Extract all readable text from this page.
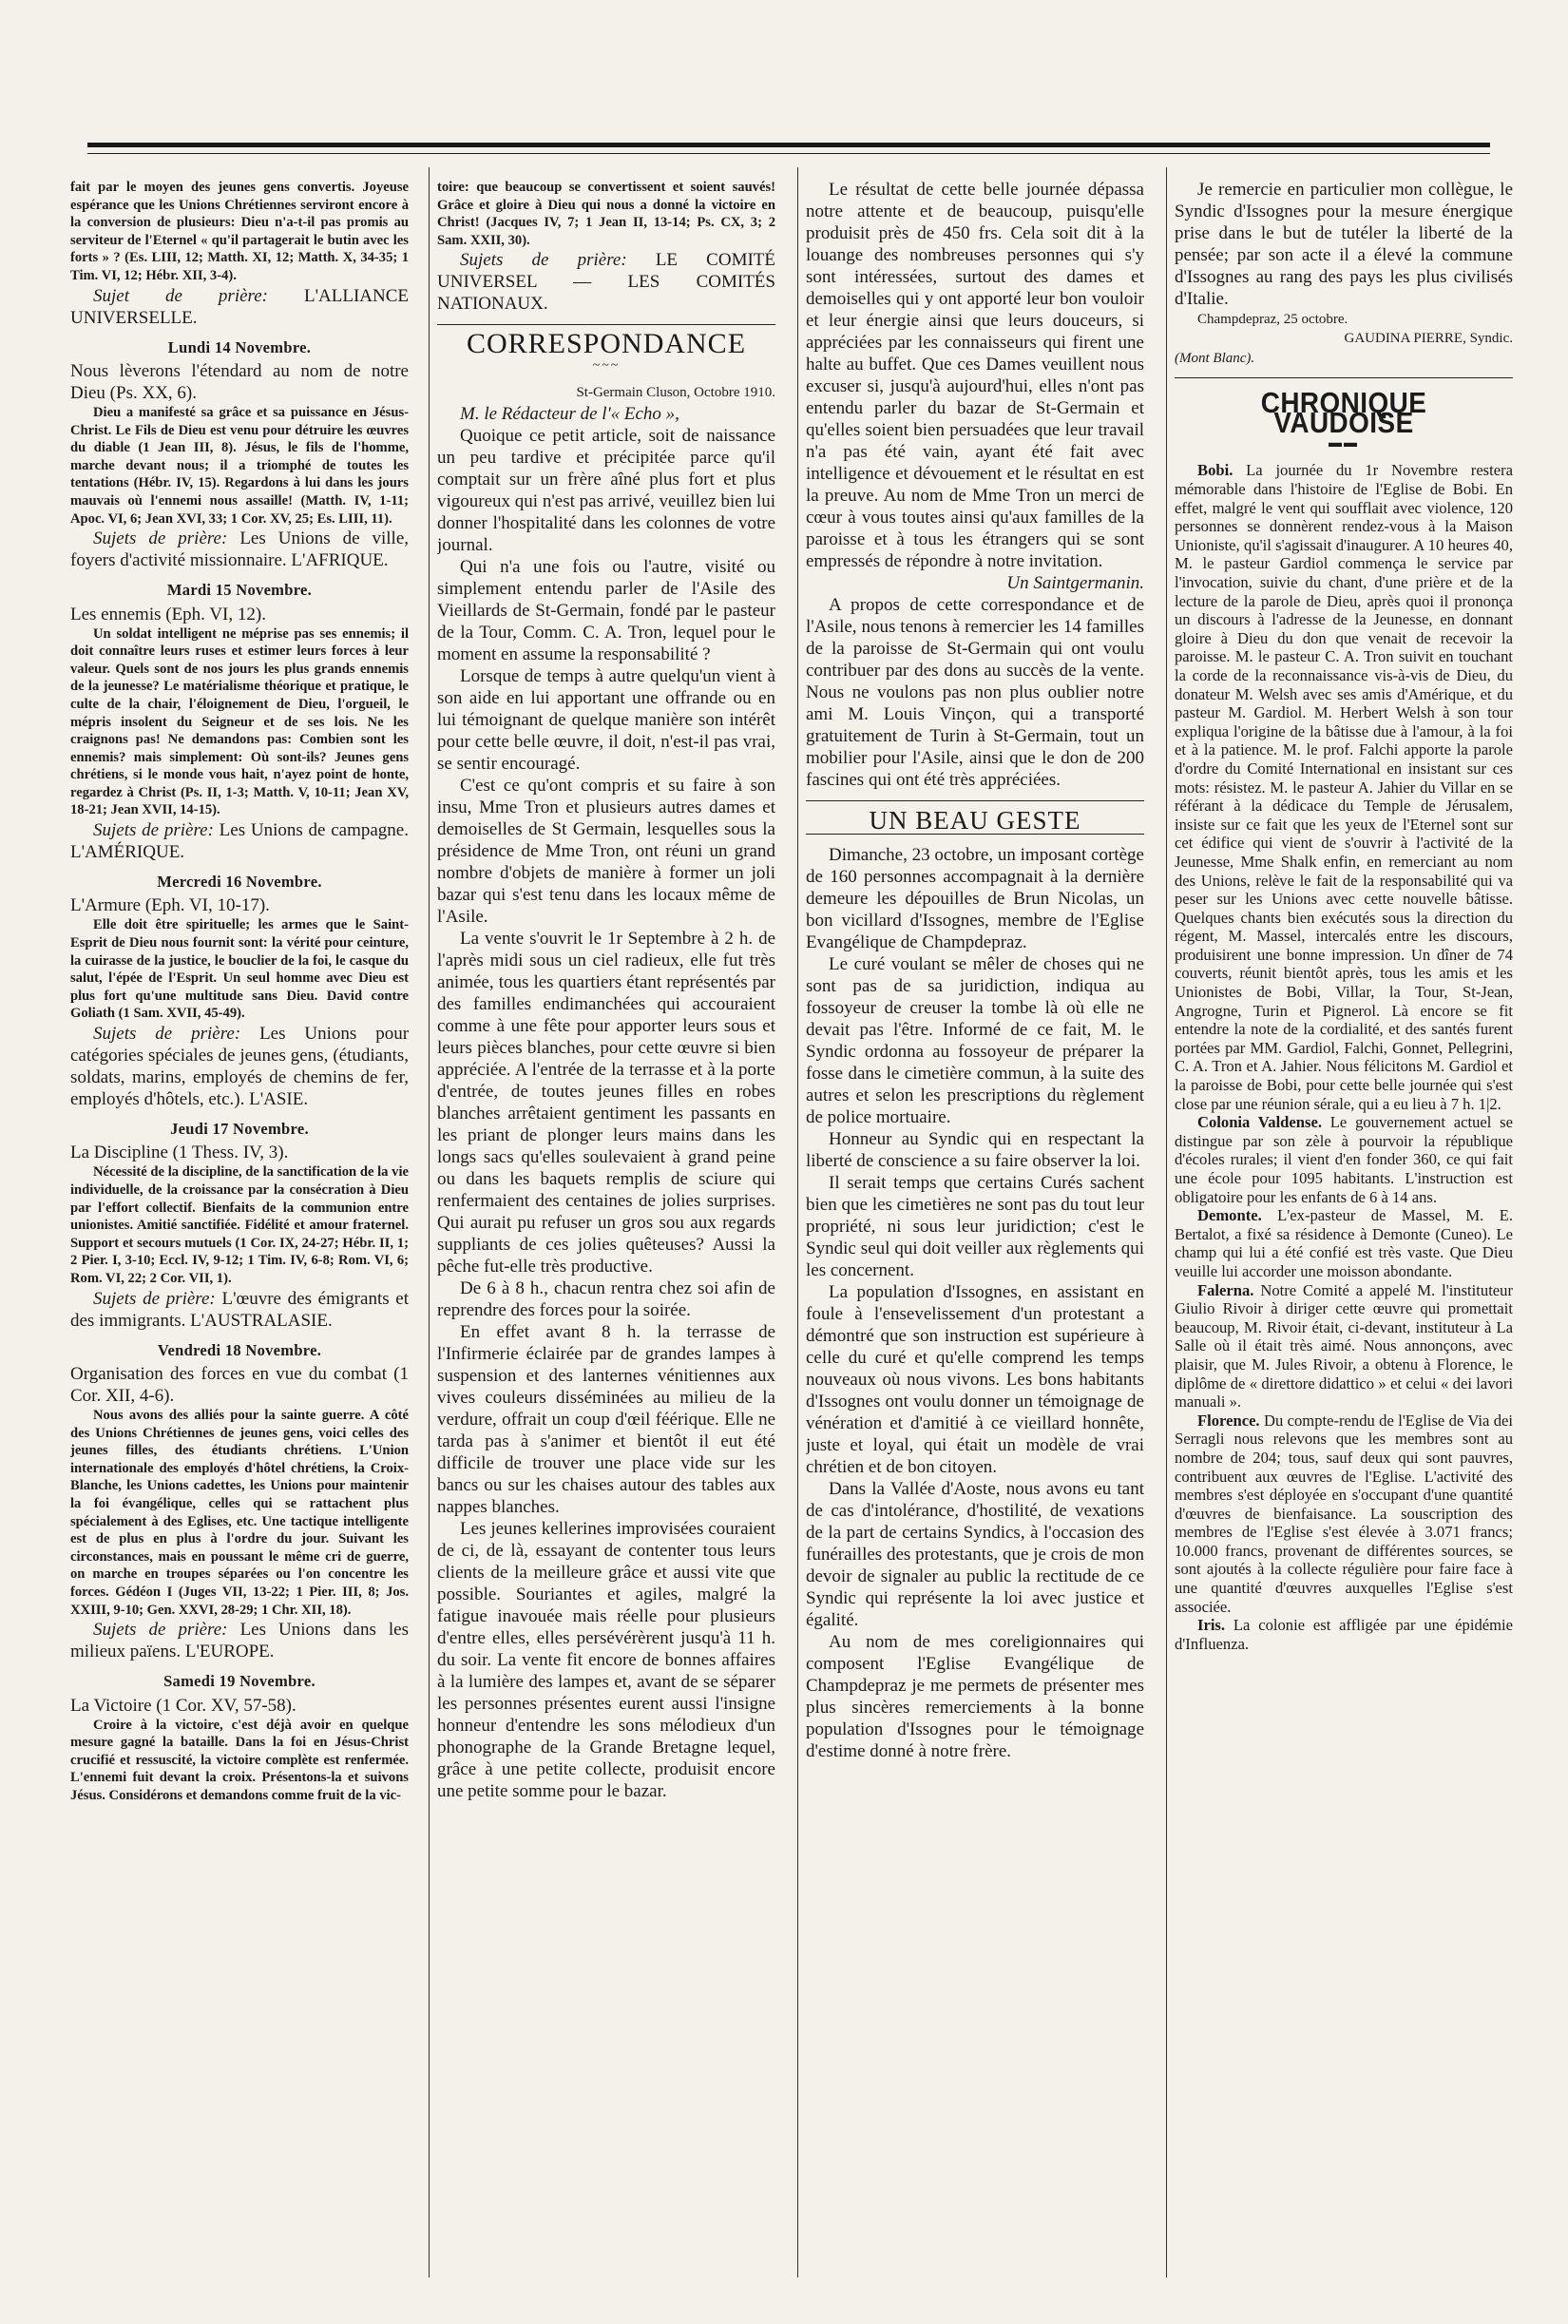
fait par le moyen des jeunes gens convertis. Joyeuse espérance que les Unions Chrétiennes serviront encore à la conversion de plusieurs: Dieu n'a-t-il pas promis au serviteur de l'Eternel « qu'il partagerait le butin avec les forts » ? (Es. LIII, 12; Matth. XI, 12; Matth. X, 34-35; 1 Tim. VI, 12; Hébr. XII, 3-4).

Sujet de prière: L'ALLIANCE UNIVERSELLE.

Lundi 14 Novembre.

Nous lèverons l'étendard au nom de notre Dieu (Ps. XX, 6).

Dieu a manifesté sa grâce et sa puissance en Jésus-Christ. Le Fils de Dieu est venu pour détruire les œuvres du diable (1 Jean III, 8). Jésus, le fils de l'homme, marche devant nous; il a triomphé de toutes les tentations (Hébr. IV, 15). Regardons à lui dans les jours mauvais où l'ennemi nous assaille! (Matth. IV, 1-11; Apoc. VI, 6; Jean XVI, 33; 1 Cor. XV, 25; Es. LIII, 11).

Sujets de prière: Les Unions de ville, foyers d'activité missionnaire. L'AFRIQUE.

Mardi 15 Novembre.

Les ennemis (Eph. VI, 12).

Un soldat intelligent ne méprise pas ses ennemis; il doit connaître leurs ruses et estimer leurs forces à leur valeur. Quels sont de nos jours les plus grands ennemis de la jeunesse? Le matérialisme théorique et pratique, le culte de la chair, l'éloignement de Dieu, l'orgueil, le mépris insolent du Seigneur et de ses lois. Ne les craignons pas! Ne demandons pas: Combien sont les ennemis? mais simplement: Où sont-ils? Jeunes gens chrétiens, si le monde vous hait, n'ayez point de honte, regardez à Christ (Ps. II, 1-3; Matth. V, 10-11; Jean XV, 18-21; Jean XVII, 14-15).

Sujets de prière: Les Unions de campagne. L'AMÉRIQUE.

Mercredi 16 Novembre.

L'Armure (Eph. VI, 10-17).

Elle doit être spirituelle; les armes que le Saint-Esprit de Dieu nous fournit sont: la vérité pour ceinture, la cuirasse de la justice, le bouclier de la foi, le casque du salut, l'épée de l'Esprit. Un seul homme avec Dieu est plus fort qu'une multitude sans Dieu. David contre Goliath (1 Sam. XVII, 45-49).

Sujets de prière: Les Unions pour catégories spéciales de jeunes gens, (étudiants, soldats, marins, employés de chemins de fer, employés d'hôtels, etc.). L'ASIE.

Jeudi 17 Novembre.

La Discipline (1 Thess. IV, 3).

Nécessité de la discipline, de la sanctification de la vie individuelle, de la croissance par la consécration à Dieu par l'effort collectif. Bienfaits de la communion entre unionistes. Amitié sanctifiée. Fidélité et amour fraternel. Support et secours mutuels (1 Cor. IX, 24-27; Hébr. II, 1; 2 Pier. I, 3-10; Eccl. IV, 9-12; 1 Tim. IV, 6-8; Rom. VI, 6; Rom. VI, 22; 2 Cor. VII, 1).

Sujets de prière: L'œuvre des émigrants et des immigrants. L'AUSTRALASIE.

Vendredi 18 Novembre.

Organisation des forces en vue du combat (1 Cor. XII, 4-6).

Nous avons des alliés pour la sainte guerre. A côté des Unions Chrétiennes de jeunes gens, voici celles des jeunes filles, des étudiants chrétiens. L'Union internationale des employés d'hôtel chrétiens, la Croix-Blanche, les Unions cadettes, les Unions pour maintenir la foi évangélique, celles qui se rattachent plus spécialement à des Eglises, etc. Une tactique intelligente est de plus en plus à l'ordre du jour. Suivant les circonstances, mais en poussant le même cri de guerre, on marche en troupes séparées ou l'on concentre les forces. Gédéon I (Juges VII, 13-22; 1 Pier. III, 8; Jos. XXIII, 9-10; Gen. XXVI, 28-29; 1 Chr. XII, 18).

Sujets de prière: Les Unions dans les milieux païens. L'EUROPE.

Samedi 19 Novembre.

La Victoire (1 Cor. XV, 57-58).

Croire à la victoire, c'est déjà avoir en quelque mesure gagné la bataille. Dans la foi en Jésus-Christ crucifié et ressuscité, la victoire complète est renfermée. L'ennemi fuit devant la croix. Présentons-la et suivons Jésus. Considérons et demandons comme fruit de la vic-

toire: que beaucoup se convertissent et soient sauvés! Grâce et gloire à Dieu qui nous a donné la victoire en Christ! (Jacques IV, 7; 1 Jean II, 13-14; Ps. CX, 3; 2 Sam. XXII, 30).

Sujets de prière: LE COMITÉ UNIVERSEL — LES COMITÉS NATIONAUX.

CORRESPONDANCE
~~~

St-Germain Cluson, Octobre 1910.

M. le Rédacteur de l'« Echo »,

Quoique ce petit article, soit de naissance un peu tardive et précipitée parce qu'il comptait sur un frère aîné plus fort et plus vigoureux qui n'est pas arrivé, veuillez bien lui donner l'hospitalité dans les colonnes de votre journal.

Qui n'a une fois ou l'autre, visité ou simplement entendu parler de l'Asile des Vieillards de St-Germain, fondé par le pasteur de la Tour, Comm. C. A. Tron, lequel pour le moment en assume la responsabilité ?

Lorsque de temps à autre quelqu'un vient à son aide en lui apportant une offrande ou en lui témoignant de quelque manière son intérêt pour cette belle œuvre, il doit, n'est-il pas vrai, se sentir encouragé.

C'est ce qu'ont compris et su faire à son insu, Mme Tron et plusieurs autres dames et demoiselles de St Germain, lesquelles sous la présidence de Mme Tron, ont réuni un grand nombre d'objets de manière à former un joli bazar qui s'est tenu dans les locaux même de l'Asile.

La vente s'ouvrit le 1r Septembre à 2 h. de l'après midi sous un ciel radieux, elle fut très animée, tous les quartiers étant représentés par des familles endimanchées qui accouraient comme à une fête pour apporter leurs sous et leurs pièces blanches, pour cette œuvre si bien appréciée. A l'entrée de la terrasse et à la porte d'entrée, de toutes jeunes filles en robes blanches arrêtaient gentiment les passants en les priant de plonger leurs mains dans les longs sacs qu'elles soulevaient à grand peine ou dans les baquets remplis de sciure qui renfermaient des centaines de jolies surprises. Qui aurait pu refuser un gros sou aux regards suppliants de ces jolies quêteuses? Aussi la pêche fut-elle très productive.

De 6 à 8 h., chacun rentra chez soi afin de reprendre des forces pour la soirée.

En effet avant 8 h. la terrasse de l'Infirmerie éclairée par de grandes lampes à suspension et des lanternes vénitiennes aux vives couleurs disséminées au milieu de la verdure, offrait un coup d'œil féérique. Elle ne tarda pas à s'animer et bientôt il eut été difficile de trouver une place vide sur les bancs ou sur les chaises autour des tables aux nappes blanches.

Les jeunes kellerines improvisées couraient de ci, de là, essayant de contenter tous leurs clients de la meilleure grâce et aussi vite que possible. Souriantes et agiles, malgré la fatigue inavouée mais réelle pour plusieurs d'entre elles, elles persévérèrent jusqu'à 11 h. du soir. La vente fit encore de bonnes affaires à la lumière des lampes et, avant de se séparer les personnes présentes eurent aussi l'insigne honneur d'entendre les sons mélodieux d'un phonographe de la Grande Bretagne lequel, grâce à une petite collecte, produisit encore une petite somme pour le bazar.

Le résultat de cette belle journée dépassa notre attente et de beaucoup, puisqu'elle produisit près de 450 frs. Cela soit dit à la louange des nombreuses personnes qui s'y sont intéressées, surtout des dames et demoiselles qui y ont apporté leur bon vouloir et leur énergie ainsi que leurs douceurs, si appréciées par les connaisseurs qui firent une halte au buffet. Que ces Dames veuillent nous excuser si, jusqu'à aujourd'hui, elles n'ont pas entendu parler du bazar de St-Germain et qu'elles soient bien persuadées que leur travail n'a pas été vain, ayant été fait avec intelligence et dévouement et le résultat en est la preuve. Au nom de Mme Tron un merci de cœur à vous toutes ainsi qu'aux familles de la paroisse et à tous les étrangers qui se sont empressés de répondre à notre invitation.

Un Saintgermanin.

A propos de cette correspondance et de l'Asile, nous tenons à remercier les 14 familles de la paroisse de St-Germain qui ont voulu contribuer par des dons au succès de la vente. Nous ne voulons pas non plus oublier notre ami M. Louis Vinçon, qui a transporté gratuitement de Turin à St-Germain, tout un mobilier pour l'Asile, ainsi que le don de 200 fascines qui ont été très appréciées.

UN BEAU GESTE

Dimanche, 23 octobre, un imposant cortège de 160 personnes accompagnait à la dernière demeure les dépouilles de Brun Nicolas, un bon vicillard d'Issognes, membre de l'Eglise Evangélique de Champdepraz.

Le curé voulant se mêler de choses qui ne sont pas de sa juridiction, indiqua au fossoyeur de creuser la tombe là où elle ne devait pas l'être. Informé de ce fait, M. le Syndic ordonna au fossoyeur de préparer la fosse dans le cimetière commun, à la suite des autres et selon les prescriptions du règlement de police mortuaire.

Honneur au Syndic qui en respectant la liberté de conscience a su faire observer la loi.

Il serait temps que certains Curés sachent bien que les cimetières ne sont pas du tout leur propriété, ni sous leur juridiction; c'est le Syndic seul qui doit veiller aux règlements qui les concernent.

La population d'Issognes, en assistant en foule à l'ensevelissement d'un protestant a démontré que son instruction est supérieure à celle du curé et qu'elle comprend les temps nouveaux où nous vivons. Les bons habitants d'Issognes ont voulu donner un témoignage de vénération et d'amitié à ce vieillard honnête, juste et loyal, qui était un modèle de vrai chrétien et de bon citoyen.

Dans la Vallée d'Aoste, nous avons eu tant de cas d'intolérance, d'hostilité, de vexations de la part de certains Syndics, à l'occasion des funérailles des protestants, que je crois de mon devoir de signaler au public la rectitude de ce Syndic qui représente la loi avec justice et égalité.

Au nom de mes coreligionnaires qui composent l'Eglise Evangélique de Champdepraz je me permets de présenter mes plus sincères remerciements à la bonne population d'Issognes pour le témoignage d'estime donné à notre frère.

Je remercie en particulier mon collègue, le Syndic d'Issognes pour la mesure énergique prise dans le but de tutéler la liberté de la pensée; par son acte il a élevé la commune d'Issognes au rang des pays les plus civilisés d'Italie.

Champdepraz, 25 octobre.

GAUDINA PIERRE, Syndic.

(Mont Blanc).

CHRONIQUE VAUDOISE
▬▬

Bobi. La journée du 1r Novembre restera mémorable dans l'histoire de l'Eglise de Bobi. En effet, malgré le vent qui soufflait avec violence, 120 personnes se donnèrent rendez-vous à la Maison Unioniste, qu'il s'agissait d'inaugurer. A 10 heures 40, M. le pasteur Gardiol commença le service par l'invocation, suivie du chant, d'une prière et de la lecture de la parole de Dieu, après quoi il prononça un discours à l'adresse de la Jeunesse, en donnant gloire à Dieu du don que venait de recevoir la paroisse. M. le pasteur C. A. Tron suivit en touchant la corde de la reconnaissance vis-à-vis de Dieu, du donateur M. Welsh avec ses amis d'Amérique, et du pasteur M. Gardiol. M. Herbert Welsh à son tour expliqua l'origine de la bâtisse due à l'amour, à la foi et à la patience. M. le prof. Falchi apporte la parole d'ordre du Comité International en insistant sur ces mots: résistez. M. le pasteur A. Jahier du Villar en se référant à la dédicace du Temple de Jérusalem, insiste sur ce fait que les yeux de l'Eternel sont sur cet édifice qui vient de s'ouvrir à l'activité de la Jeunesse, Mme Shalk enfin, en remerciant au nom des Unions, relève le fait de la responsabilité qui va peser sur les Unions avec cette nouvelle bâtisse. Quelques chants bien exécutés sous la direction du régent, M. Massel, intercalés entre les discours, produisirent une bonne impression. Un dîner de 74 couverts, réunit bientôt après, tous les amis et les Unionistes de Bobi, Villar, la Tour, St-Jean, Angrogne, Turin et Pignerol. Là encore se fit entendre la note de la cordialité, et des santés furent portées par MM. Gardiol, Falchi, Gonnet, Pellegrini, C. A. Tron et A. Jahier. Nous félicitons M. Gardiol et la paroisse de Bobi, pour cette belle journée qui s'est close par une réunion sérale, qui a eu lieu à 7 h. 1|2.

Colonia Valdense. Le gouvernement actuel se distingue par son zèle à pourvoir la république d'écoles rurales; il vient d'en fonder 360, ce qui fait une école pour 1095 habitants. L'instruction est obligatoire pour les enfants de 6 à 14 ans.

Demonte. L'ex-pasteur de Massel, M. E. Bertalot, a fixé sa résidence à Demonte (Cuneo). Le champ qui lui a été confié est très vaste. Que Dieu veuille lui accorder une moisson abondante.

Falerna. Notre Comité a appelé M. l'instituteur Giulio Rivoir à diriger cette œuvre qui promettait beaucoup, M. Rivoir était, ci-devant, instituteur à La Salle où il était très aimé. Nous annonçons, avec plaisir, que M. Jules Rivoir, a obtenu à Florence, le diplôme de « direttore didattico » et celui « dei lavori manuali ».

Florence. Du compte-rendu de l'Eglise de Via dei Serragli nous relevons que les membres sont au nombre de 204; tous, sauf deux qui sont pauvres, contribuent aux œuvres de l'Eglise. L'activité des membres s'est déployée en s'occupant d'une quantité d'œuvres de bienfaisance. La souscription des membres de l'Eglise s'est élevée à 3.071 francs; 10.000 francs, provenant de différentes sources, se sont ajoutés à la collecte régulière pour faire face à une quantité d'œuvres auxquelles l'Eglise s'est associée.

Iris. La colonie est affligée par une épidémie d'Influenza.
